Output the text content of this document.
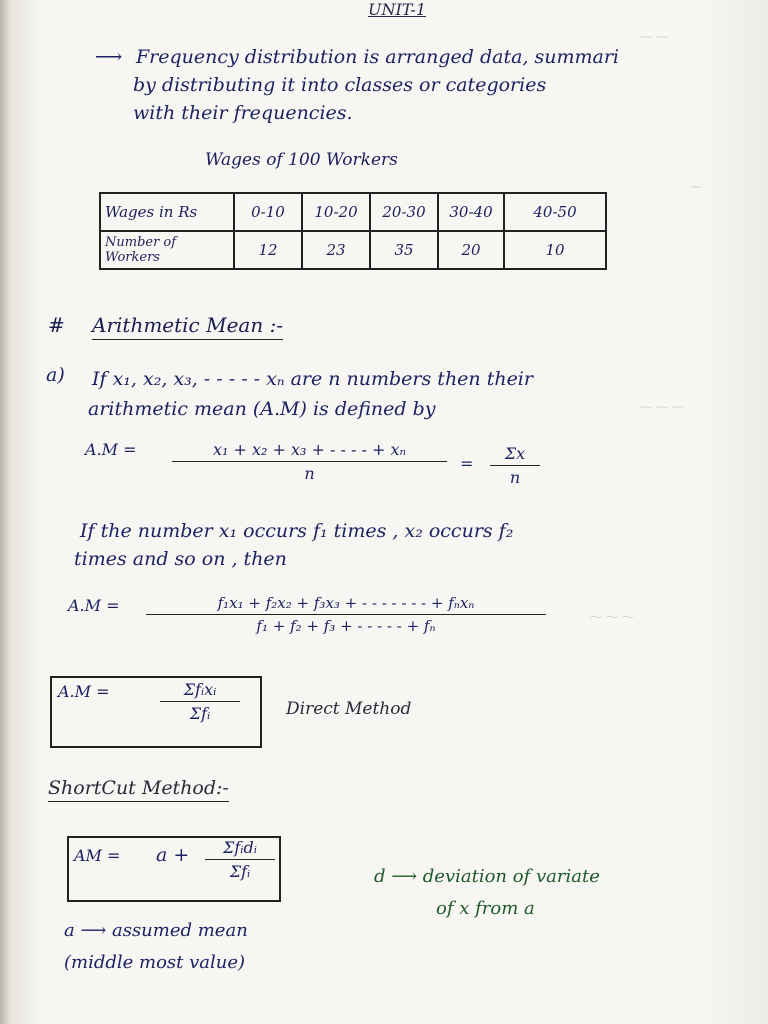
⁓ ⁓
⁓
⁓ ⁓ ⁓
⁓ ⁓ ⁓
UNIT-1
⟶ Frequency distribution is arranged data, summari
by distributing it into classes or categories
with their frequencies.
Wages of 100 Workers
Wages in Rs	0-10	10-20	20-30	30-40	40-50
Number of Workers	12	23	35	20	10
# Arithmetic Mean :-
a) If x₁, x₂, x₃, - - - - - xₙ are n numbers then their
arithmetic mean (A.M) is defined by
A.M =	x₁ + x₂ + x₃ + - - - - + xₙ
n
=
Σx
n
If the number x₁ occurs f₁ times , x₂ occurs f₂
times and so on , then
A.M =	f₁x₁ + f₂x₂ + f₃x₃ + - - - - - - - + fₙxₙ
f₁ + f₂ + f₃ + - - - - - + fₙ
A.M =	Σfᵢxᵢ
Σfᵢ	Direct Method
ShortCut Method:-
AM = a +	Σfᵢdᵢ
Σfᵢ	d ⟶ deviation of variate
of x from a
a ⟶ assumed mean
(middle most value)
